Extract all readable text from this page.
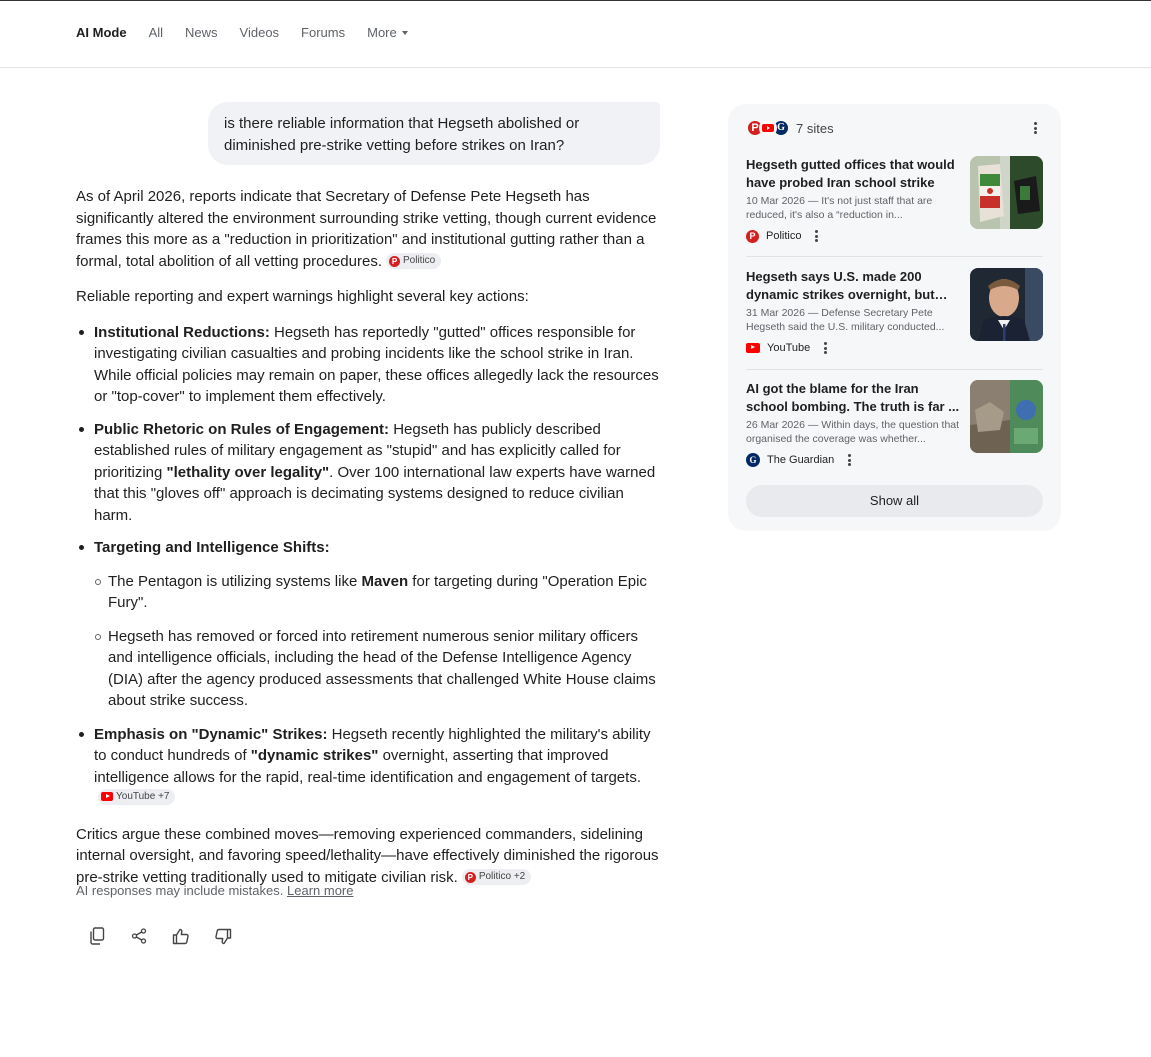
AI Mode All News Videos Forums More
is there reliable information that Hegseth abolished or diminished pre-strike vetting before strikes on Iran?

As of April 2026, reports indicate that Secretary of Defense Pete Hegseth has significantly altered the environment surrounding strike vetting, though current evidence frames this more as a "reduction in prioritization" and institutional gutting rather than a formal, total abolition of all vetting procedures.	P Politico

Reliable reporting and expert warnings highlight several key actions:

Institutional Reductions: Hegseth has reportedly "gutted" offices responsible for investigating civilian casualties and probing incidents like the school strike in Iran. While official policies may remain on paper, these offices allegedly lack the resources or "top-cover" to implement them effectively.
Public Rhetoric on Rules of Engagement: Hegseth has publicly described established rules of military engagement as "stupid" and has explicitly called for prioritizing "lethality over legality". Over 100 international law experts have warned that this "gloves off" approach is decimating systems designed to reduce civilian harm.
Targeting and Intelligence Shifts:
The Pentagon is utilizing systems like Maven for targeting during "Operation Epic Fury".
Hegseth has removed or forced into retirement numerous senior military officers and intelligence officials, including the head of the Defense Intelligence Agency (DIA) after the agency produced assessments that challenged White House claims about strike success.
Emphasis on "Dynamic" Strikes: Hegseth recently highlighted the military's ability to conduct hundreds of "dynamic strikes" overnight, asserting that improved intelligence allows for the rapid, real-time identification and engagement of targets.
YouTube +7

Critics argue these combined moves—removing experienced commanders, sidelining internal oversight, and favoring speed/lethality—have effectively diminished the rigorous pre-strike vetting traditionally used to mitigate civilian risk.	P Politico +2

AI responses may include mistakes. Learn more
P	G 7 sites
Hegseth gutted offices that would have probed Iran school strike
10 Mar 2026 — It's not just staff that are reduced, it's also a “reduction in...
P Politico
Hegseth says U.S. made 200 dynamic strikes overnight, but
31 Mar 2026 — Defense Secretary Pete Hegseth said the U.S. military conducted...
YouTube
AI got the blame for the Iran school bombing. The truth is far ...
26 Mar 2026 — Within days, the question that organised the coverage was whether...
G The Guardian
Show all
